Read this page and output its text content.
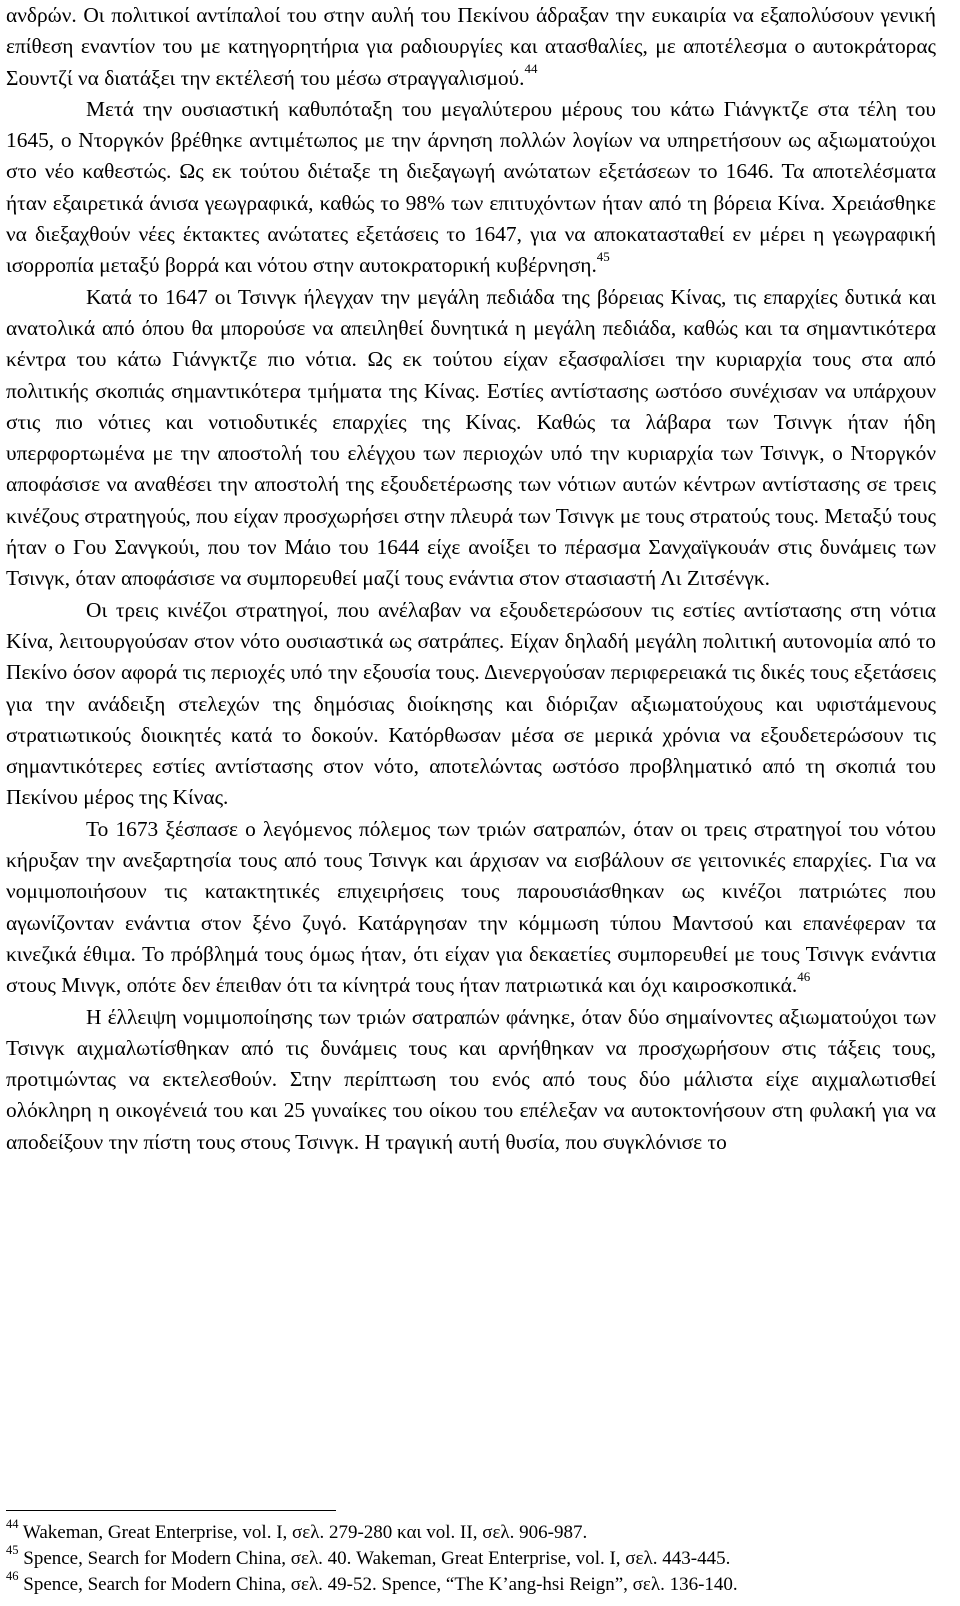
ανδρών. Οι πολιτικοί αντίπαλοί του στην αυλή του Πεκίνου άδραξαν την ευκαιρία να εξαπολύσουν γενική επίθεση εναντίον του με κατηγορητήρια για ραδιουργίες και ατασθαλίες, με αποτέλεσμα ο αυτοκράτορας Σουντζί να διατάξει την εκτέλεσή του μέσω στραγγαλισμού.$^{44}$

Μετά την ουσιαστική καθυπόταξη του μεγαλύτερου μέρους του κάτω Γιάνγκτζε στα τέλη του 1645, ο Ντοργκόν βρέθηκε αντιμέτωπος με την άρνηση πολλών λογίων να υπηρετήσουν ως αξιωματούχοι στο νέο καθεστώς. Ως εκ τούτου διέταξε τη διεξαγωγή ανώτατων εξετάσεων το 1646. Τα αποτελέσματα ήταν εξαιρετικά άνισα γεωγραφικά, καθώς το 98% των επιτυχόντων ήταν από τη βόρεια Κίνα. Χρειάσθηκε να διεξαχθούν νέες έκτακτες ανώτατες εξετάσεις το 1647, για να αποκατασταθεί εν μέρει η γεωγραφική ισορροπία μεταξύ βορρά και νότου στην αυτοκρατορική κυβέρνηση.$^{45}$

Κατά το 1647 οι Τσινγκ ήλεγχαν την μεγάλη πεδιάδα της βόρειας Κίνας, τις επαρχίες δυτικά και ανατολικά από όπου θα μπορούσε να απειληθεί δυνητικά η μεγάλη πεδιάδα, καθώς και τα σημαντικότερα κέντρα του κάτω Γιάνγκτζε πιο νότια. Ως εκ τούτου είχαν εξασφαλίσει την κυριαρχία τους στα από πολιτικής σκοπιάς σημαντικότερα τμήματα της Κίνας. Εστίες αντίστασης ωστόσο συνέχισαν να υπάρχουν στις πιο νότιες και νοτιοδυτικές επαρχίες της Κίνας. Καθώς τα λάβαρα των Τσινγκ ήταν ήδη υπερφορτωμένα με την αποστολή του ελέγχου των περιοχών υπό την κυριαρχία των Τσινγκ, ο Ντοργκόν αποφάσισε να αναθέσει την αποστολή της εξουδετέρωσης των νότιων αυτών κέντρων αντίστασης σε τρεις κινέζους στρατηγούς, που είχαν προσχωρήσει στην πλευρά των Τσινγκ με τους στρατούς τους. Μεταξύ τους ήταν ο Γου Σανγκούι, που τον Μάιο του 1644 είχε ανοίξει το πέρασμα Σανχαϊγκουάν στις δυνάμεις των Τσινγκ, όταν αποφάσισε να συμπορευθεί μαζί τους ενάντια στον στασιαστή Λι Ζιτσένγκ.

Οι τρεις κινέζοι στρατηγοί, που ανέλαβαν να εξουδετερώσουν τις εστίες αντίστασης στη νότια Κίνα, λειτουργούσαν στον νότο ουσιαστικά ως σατράπες. Είχαν δηλαδή μεγάλη πολιτική αυτονομία από το Πεκίνο όσον αφορά τις περιοχές υπό την εξουσία τους. Διενεργούσαν περιφερειακά τις δικές τους εξετάσεις για την ανάδειξη στελεχών της δημόσιας διοίκησης και διόριζαν αξιωματούχους και υφιστάμενους στρατιωτικούς διοικητές κατά το δοκούν. Κατόρθωσαν μέσα σε μερικά χρόνια να εξουδετερώσουν τις σημαντικότερες εστίες αντίστασης στον νότο, αποτελώντας ωστόσο προβληματικό από τη σκοπιά του Πεκίνου μέρος της Κίνας.

Το 1673 ξέσπασε ο λεγόμενος πόλεμος των τριών σατραπών, όταν οι τρεις στρατηγοί του νότου κήρυξαν την ανεξαρτησία τους από τους Τσινγκ και άρχισαν να εισβάλουν σε γειτονικές επαρχίες. Για να νομιμοποιήσουν τις κατακτητικές επιχειρήσεις τους παρουσιάσθηκαν ως κινέζοι πατριώτες που αγωνίζονταν ενάντια στον ξένο ζυγό. Κατάργησαν την κόμμωση τύπου Μαντσού και επανέφεραν τα κινεζικά έθιμα. Το πρόβλημά τους όμως ήταν, ότι είχαν για δεκαετίες συμπορευθεί με τους Τσινγκ ενάντια στους Μινγκ, οπότε δεν έπειθαν ότι τα κίνητρά τους ήταν πατριωτικά και όχι καιροσκοπικά.$^{46}$

Η έλλειψη νομιμοποίησης των τριών σατραπών φάνηκε, όταν δύο σημαίνοντες αξιωματούχοι των Τσινγκ αιχμαλωτίσθηκαν από τις δυνάμεις τους και αρνήθηκαν να προσχωρήσουν στις τάξεις τους, προτιμώντας να εκτελεσθούν. Στην περίπτωση του ενός από τους δύο μάλιστα είχε αιχμαλωτισθεί ολόκληρη η οικογένειά του και 25 γυναίκες του οίκου του επέλεξαν να αυτοκτονήσουν στη φυλακή για να αποδείξουν την πίστη τους στους Τσινγκ. Η τραγική αυτή θυσία, που συγκλόνισε το

$^{44}$ Wakeman, Great Enterprise, vol. I, σελ. 279-280 και vol. II, σελ. 906-987.

$^{45}$ Spence, Search for Modern China, σελ. 40. Wakeman, Great Enterprise, vol. I, σελ. 443-445.

$^{46}$ Spence, Search for Modern China, σελ. 49-52. Spence, “The K’ang-hsi Reign”, σελ. 136-140.
